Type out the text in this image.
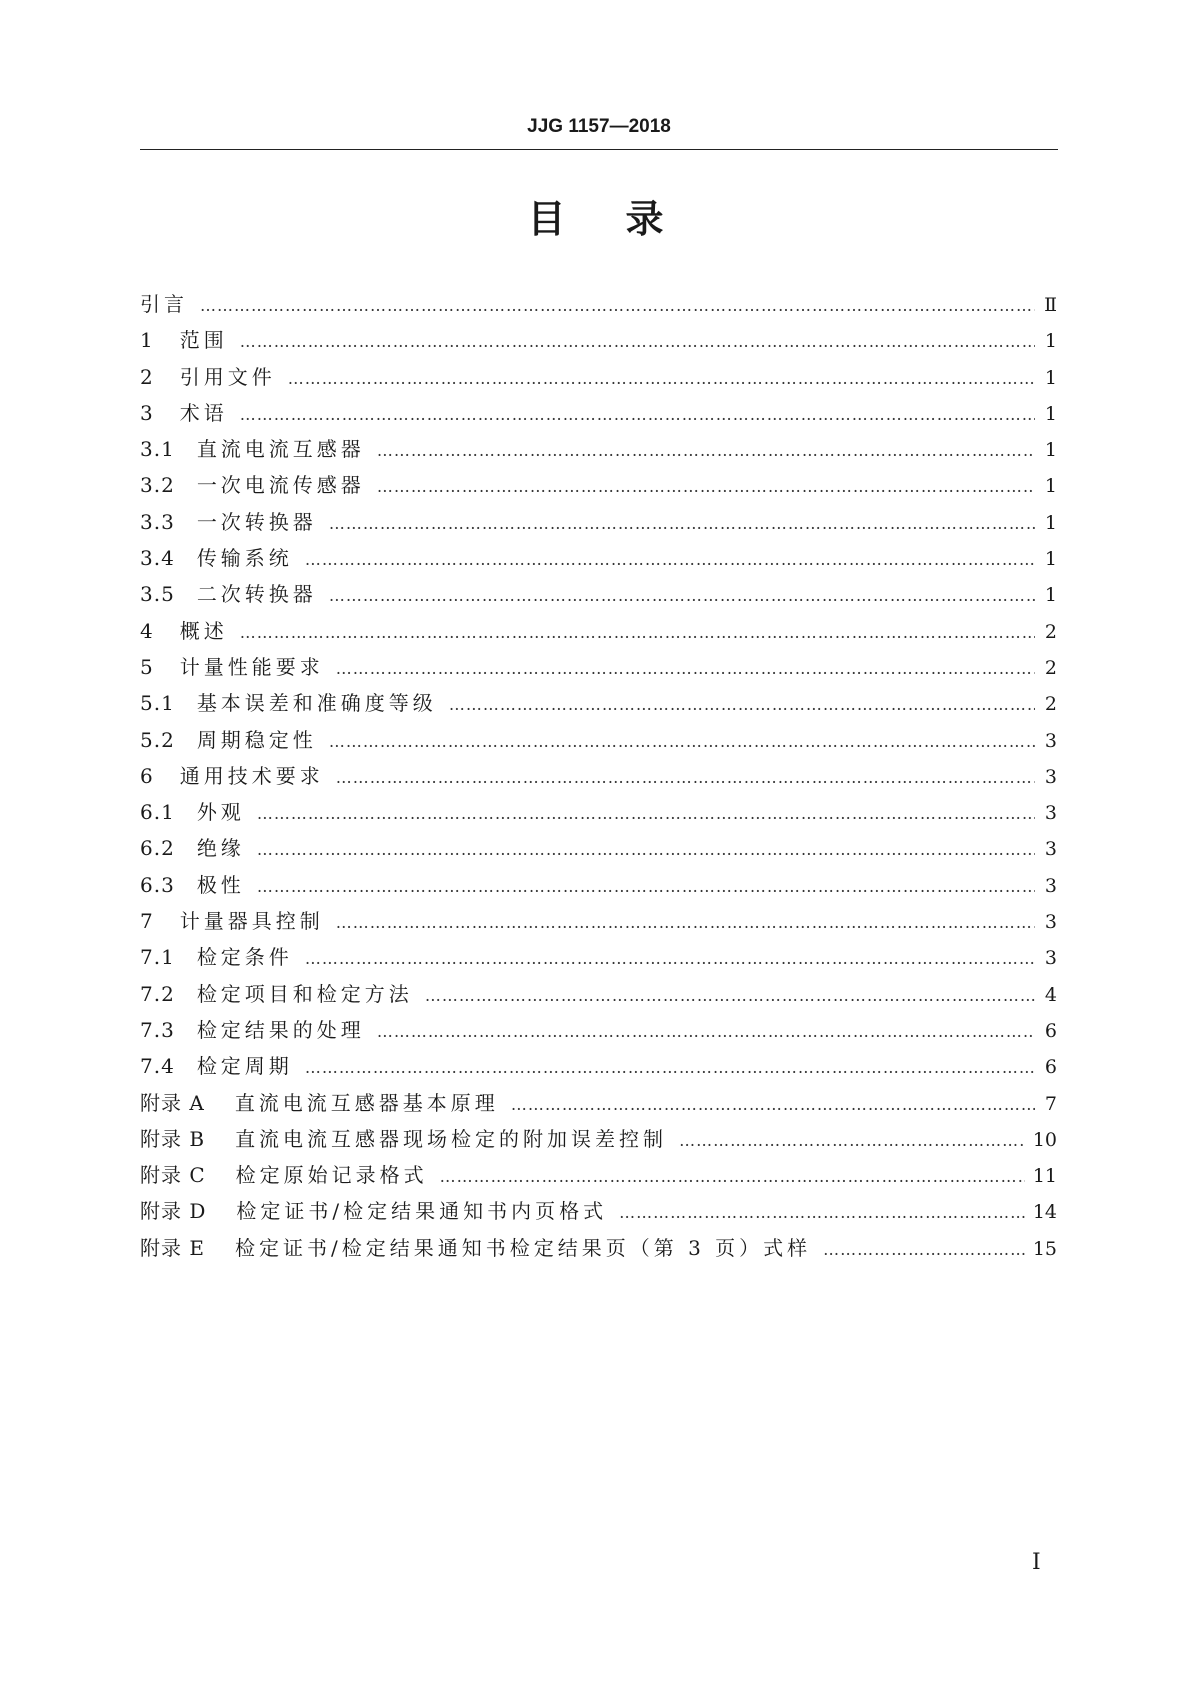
JJG 1157—2018
目录
引言 ……………………………………………………………………………………………………………………………………………………………………	Ⅱ
1 范围 ……………………………………………………………………………………………………………………………………………………………………	1
2 引用文件 ……………………………………………………………………………………………………………………………………………………………………	1
3 术语 ……………………………………………………………………………………………………………………………………………………………………	1
3.1 直流电流互感器 ……………………………………………………………………………………………………………………………………………………………………	1
3.2 一次电流传感器 ……………………………………………………………………………………………………………………………………………………………………	1
3.3 一次转换器 ……………………………………………………………………………………………………………………………………………………………………	1
3.4 传输系统 ……………………………………………………………………………………………………………………………………………………………………	1
3.5 二次转换器 ……………………………………………………………………………………………………………………………………………………………………	1
4 概述 ……………………………………………………………………………………………………………………………………………………………………	2
5 计量性能要求 ……………………………………………………………………………………………………………………………………………………………………	2
5.1 基本误差和准确度等级 ……………………………………………………………………………………………………………………………………………………………………	2
5.2 周期稳定性 ……………………………………………………………………………………………………………………………………………………………………	3
6 通用技术要求 ……………………………………………………………………………………………………………………………………………………………………	3
6.1 外观 ……………………………………………………………………………………………………………………………………………………………………	3
6.2 绝缘 ……………………………………………………………………………………………………………………………………………………………………	3
6.3 极性 ……………………………………………………………………………………………………………………………………………………………………	3
7 计量器具控制 ……………………………………………………………………………………………………………………………………………………………………	3
7.1 检定条件 ……………………………………………………………………………………………………………………………………………………………………	3
7.2 检定项目和检定方法 ……………………………………………………………………………………………………………………………………………………………………	4
7.3 检定结果的处理 ……………………………………………………………………………………………………………………………………………………………………	6
7.4 检定周期 ……………………………………………………………………………………………………………………………………………………………………	6
附录 A 直流电流互感器基本原理 ……………………………………………………………………………………………………………………………………………………………………	7
附录 B 直流电流互感器现场检定的附加误差控制 ……………………………………………………………………………………………………………………………………………………………………	10
附录 C 检定原始记录格式 ……………………………………………………………………………………………………………………………………………………………………	11
附录 D 检定证书/检定结果通知书内页格式 ……………………………………………………………………………………………………………………………………………………………………	14
附录 E 检定证书/检定结果通知书检定结果页（第 3 页）式样 ……………………………………………………………………………………………………………………………………………………………………	15
I
